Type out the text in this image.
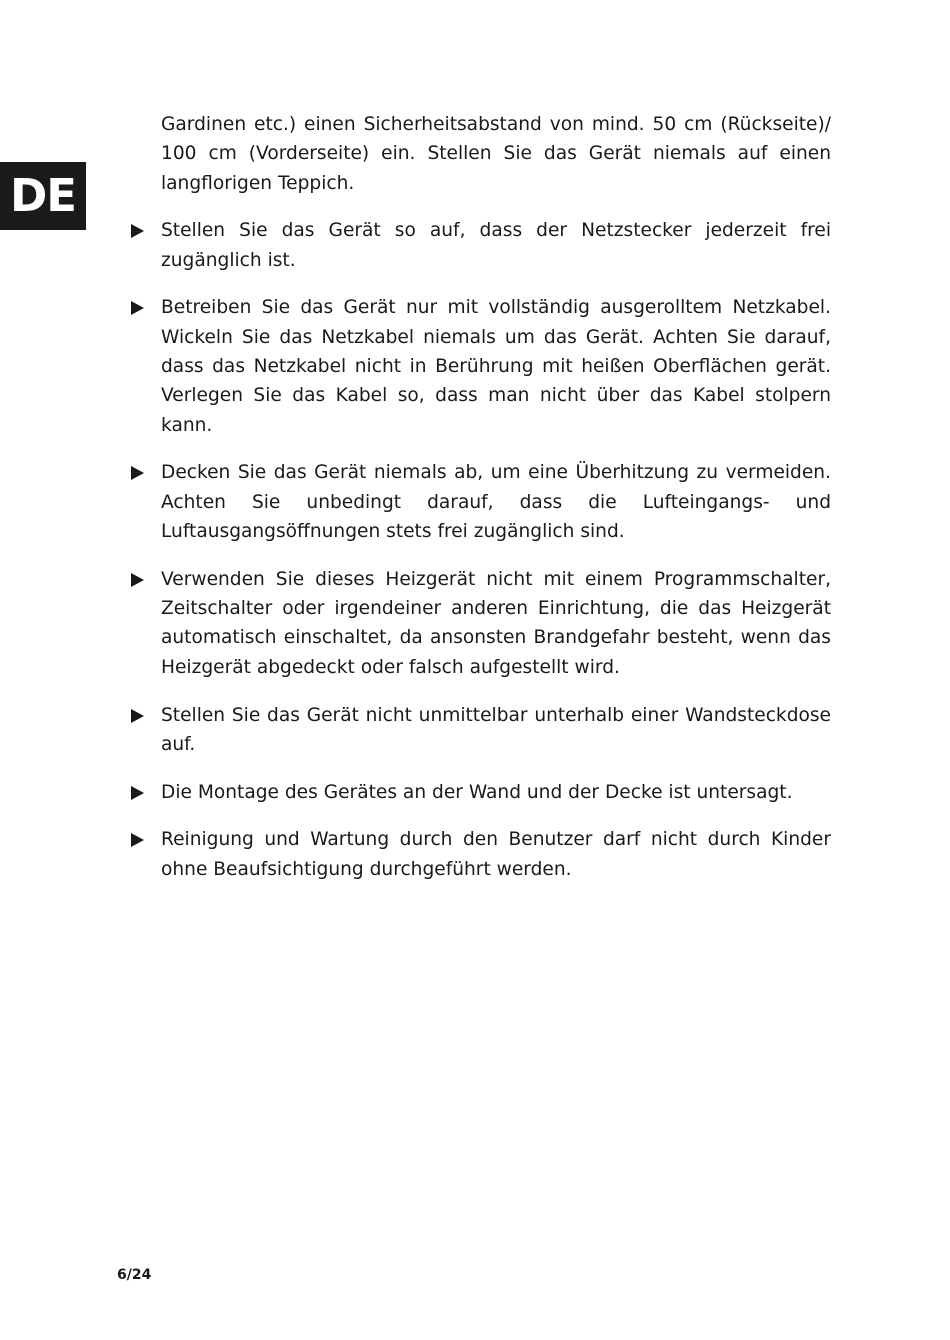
DE
Gardinen etc.) einen Sicherheitsabstand von mind. 50 cm (Rückseite)/ 100 cm (Vorderseite) ein. Stellen Sie das Gerät niemals auf einen langflorigen Teppich.
Stellen Sie das Gerät so auf, dass der Netzstecker jederzeit frei zugänglich ist.
Betreiben Sie das Gerät nur mit vollständig ausgerolltem Netzkabel. Wickeln Sie das Netzkabel niemals um das Gerät. Achten Sie darauf, dass das Netzkabel nicht in Berührung mit heißen Oberflächen gerät. Verlegen Sie das Kabel so, dass man nicht über das Kabel stolpern kann.
Decken Sie das Gerät niemals ab, um eine Überhitzung zu vermeiden. Achten Sie unbedingt darauf, dass die Lufteingangs- und Luftausgangsöffnungen stets frei zugänglich sind.
Verwenden Sie dieses Heizgerät nicht mit einem Programmschalter, Zeitschalter oder irgendeiner anderen Einrichtung, die das Heizgerät automatisch einschaltet, da ansonsten Brandgefahr besteht, wenn das Heizgerät abgedeckt oder falsch aufgestellt wird.
Stellen Sie das Gerät nicht unmittelbar unterhalb einer Wandsteckdose auf.
Die Montage des Gerätes an der Wand und der Decke ist untersagt.
Reinigung und Wartung durch den Benutzer darf nicht durch Kinder ohne Beaufsichtigung durchgeführt werden.
6/24
